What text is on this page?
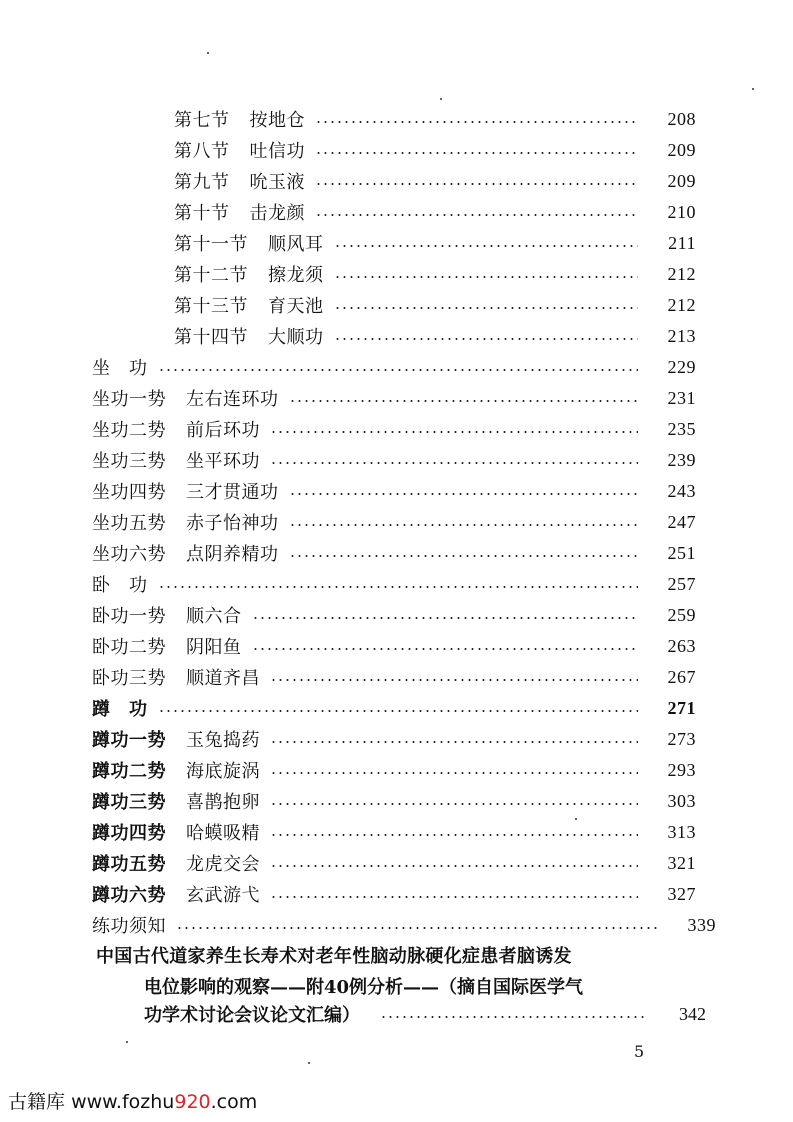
第七节 按地仓	208
第八节 吐信功	209
第九节 吮玉液	209
第十节 击龙颜	210
第十一节 顺风耳	211
第十二节 擦龙须	212
第十三节 育天池	212
第十四节 大顺功	213
坐　功	229
坐功一势 左右连环功	231
坐功二势 前后环功	235
坐功三势 坐平环功	239
坐功四势 三才贯通功	243
坐功五势 赤子怡神功	247
坐功六势 点阴养精功	251
卧　功	257
卧功一势 顺六合	259
卧功二势 阴阳鱼	263
卧功三势 顺道齐昌	267
蹲　功	271
蹲功一势 玉兔捣药	273
蹲功二势 海底旋涡	293
蹲功三势 喜鹊抱卵	303
蹲功四势 哈蟆吸精	313
蹲功五势 龙虎交会	321
蹲功六势 玄武游弋	327
练功须知	339
中国古代道家养生长寿术对老年性脑动脉硬化症患者脑诱发
电位影响的观察——附40例分析——（摘自国际医学气
功学术讨论会议论文汇编）	342
5
古籍库 www.fozhu920.com
